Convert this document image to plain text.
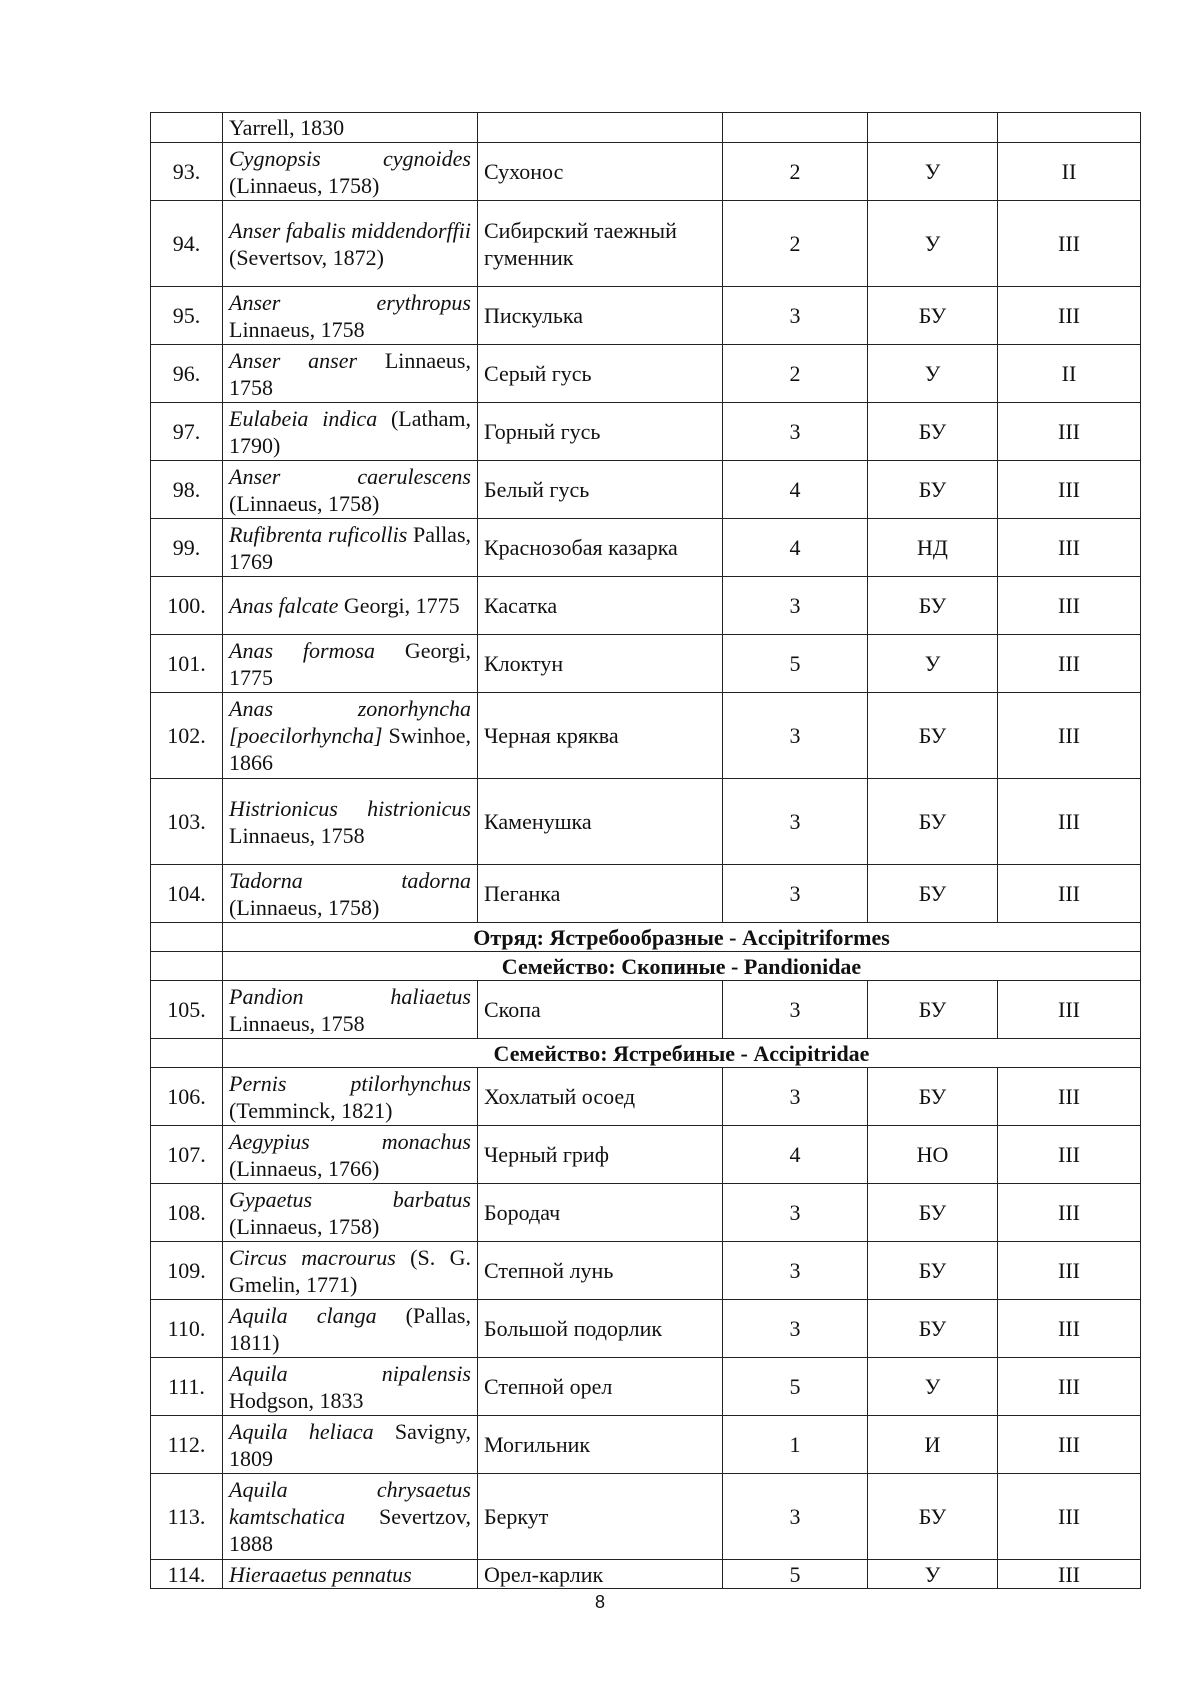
	Yarrell, 1830				
93.	Cygnopsis cygnoides (Linnaeus, 1758)	Сухонос	2	У	II
94.	Anser fabalis middendorffii (Severtsov, 1872)	Сибирский таежный гуменник	2	У	III
95.	Anser erythropus Linnaeus, 1758	Пискулька	3	БУ	III
96.	Anser anser Linnaeus, 1758	Серый гусь	2	У	II
97.	Eulabeia indica (Latham, 1790)	Горный гусь	3	БУ	III
98.	Anser caerulescens (Linnaeus, 1758)	Белый гусь	4	БУ	III
99.	Rufibrenta ruficollis Pallas, 1769	Краснозобая казарка	4	НД	III
100.	Anas falcate Georgi, 1775	Касатка	3	БУ	III
101.	Anas formosa Georgi, 1775	Клоктун	5	У	III
102.	Anas zonorhyncha [poecilorhyncha] Swinhoe, 1866	Черная кряква	3	БУ	III
103.	Histrionicus histrionicus Linnaeus, 1758	Каменушка	3	БУ	III
104.	Tadorna tadorna (Linnaeus, 1758)	Пеганка	3	БУ	III
	Отряд: Ястребообразные - Accipitriformes				
	Семейство: Скопиные - Pandionidae				
105.	Pandion haliaetus Linnaeus, 1758	Скопа	3	БУ	III
	Семейство: Ястребиные - Accipitridae				
106.	Pernis ptilorhynchus (Temminck, 1821)	Хохлатый осоед	3	БУ	III
107.	Aegypius monachus (Linnaeus, 1766)	Черный гриф	4	НО	III
108.	Gypaetus barbatus (Linnaeus, 1758)	Бородач	3	БУ	III
109.	Circus macrourus (S. G. Gmelin, 1771)	Степной лунь	3	БУ	III
110.	Aquila clanga (Pallas, 1811)	Большой подорлик	3	БУ	III
111.	Aquila nipalensis Hodgson, 1833	Степной орел	5	У	III
112.	Aquila heliaca Savigny, 1809	Могильник	1	И	III
113.	Aquila chrysaetus kamtschatica Severtzov, 1888	Беркут	3	БУ	III
114.	Hieraaetus pennatus	Орел-карлик	5	У	III
8
